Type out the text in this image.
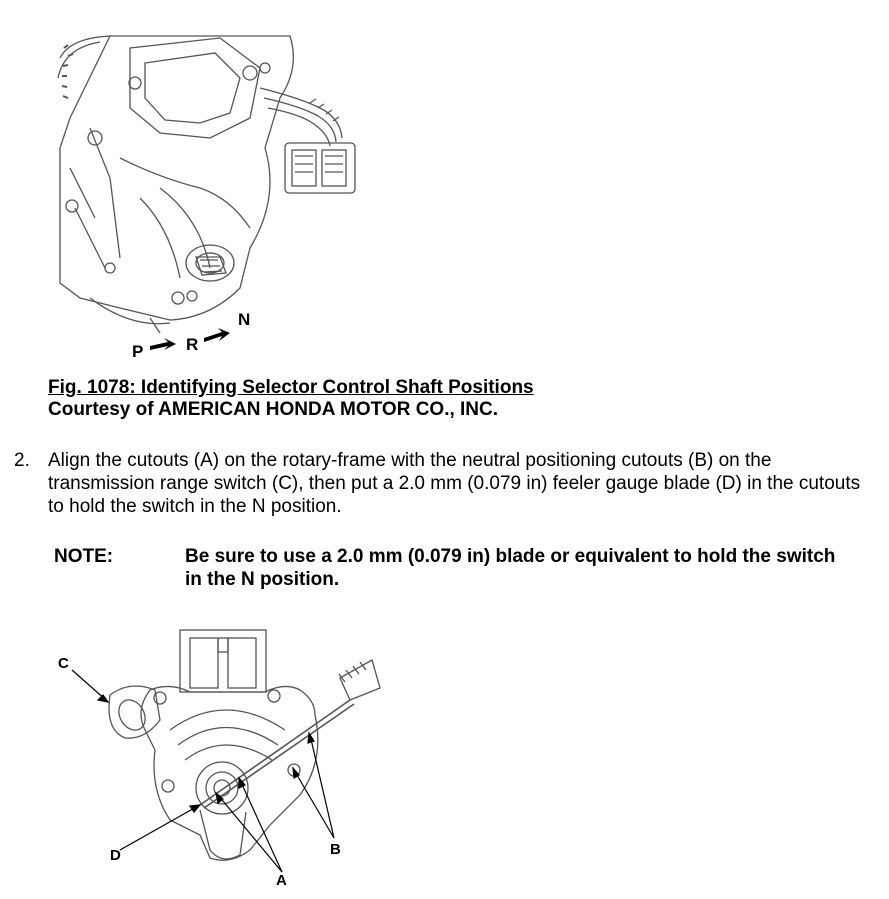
P	R
N
Fig. 1078: Identifying Selector Control Shaft Positions
Courtesy of AMERICAN HONDA MOTOR CO., INC.
2. Align the cutouts (A) on the rotary-frame with the neutral positioning cutouts (B) on the transmission range switch (C), then put a 2.0 mm (0.079 in) feeler gauge blade (D) in the cutouts to hold the switch in the N position.
NOTE:	Be sure to use a 2.0 mm (0.079 in) blade or equivalent to hold the switch in the N position.
C
D
A
B
